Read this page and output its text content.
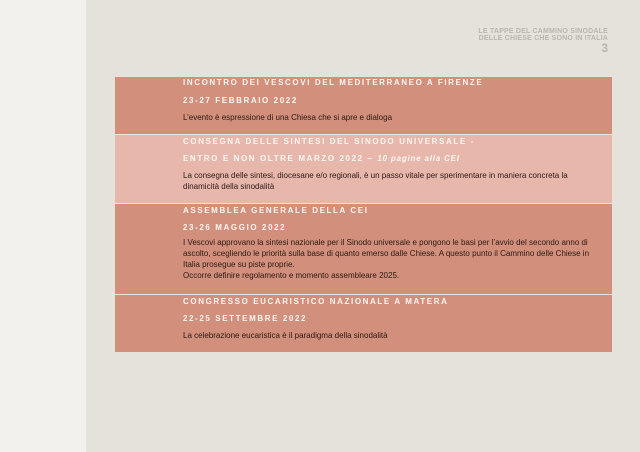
LE TAPPE DEL CAMMINO SINODALE
DELLE CHIESE CHE SONO IN ITALIA
3
INCONTRO DEI VESCOVI DEL MEDITERRANEO A FIRENZE
23-27 FEBBRAIO 2022

L’evento è espressione di una Chiesa che si apre e dialoga

CONSEGNA DELLE SINTESI DEL SINODO UNIVERSALE -
ENTRO E NON OLTRE MARZO 2022 – 10 pagine alla CEI

La consegna delle sintesi, diocesane e/o regionali, è un passo vitale per sperimentare in maniera concreta la dinamicità della sinodalità

ASSEMBLEA GENERALE DELLA CEI
23-26 MAGGIO 2022

I Vescovi approvano la sintesi nazionale per il Sinodo universale e pongono le basi per l’avvio del secondo anno di ascolto, scegliendo le priorità sulla base di quanto emerso dalle Chiese. A questo punto il Cammino delle Chiese in Italia prosegue su piste proprie.

Occorre definire regolamento e momento assembleare 2025.

CONGRESSO EUCARISTICO NAZIONALE A MATERA
22-25 SETTEMBRE 2022

La celebrazione eucaristica è il paradigma della sinodalità
